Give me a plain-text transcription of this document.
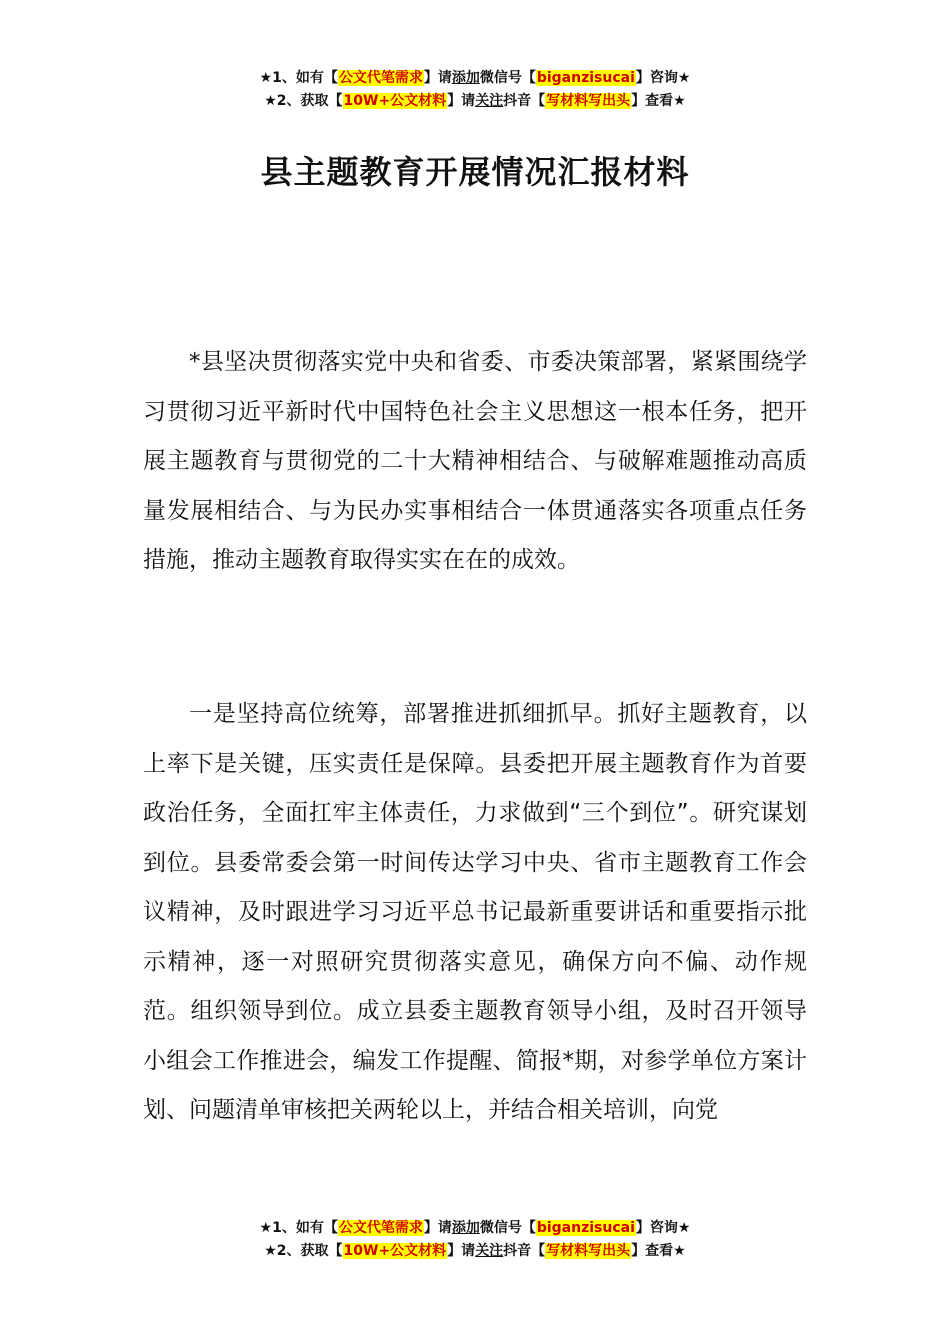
★1、如有【公文代笔需求】请添加微信号【biganzisucai】咨询★
★2、获取【10W+公文材料】请关注抖音【写材料写出头】查看★
县主题教育开展情况汇报材料

*县坚决贯彻落实党中央和省委、市委决策部署，紧紧围绕学习贯彻习近平新时代中国特色社会主义思想这一根本任务，把开展主题教育与贯彻党的二十大精神相结合、与破解难题推动高质量发展相结合、与为民办实事相结合一体贯通落实各项重点任务措施，推动主题教育取得实实在在的成效。

一是坚持高位统筹，部署推进抓细抓早。抓好主题教育，以上率下是关键，压实责任是保障。县委把开展主题教育作为首要政治任务，全面扛牢主体责任，力求做到“三个到位”。研究谋划到位。县委常委会第一时间传达学习中央、省市主题教育工作会议精神，及时跟进学习习近平总书记最新重要讲话和重要指示批示精神，逐一对照研究贯彻落实意见，确保方向不偏、动作规范。组织领导到位。成立县委主题教育领导小组，及时召开领导小组会工作推进会，编发工作提醒、简报*期，对参学单位方案计划、问题清单审核把关两轮以上，并结合相关培训，向党

★1、如有【公文代笔需求】请添加微信号【biganzisucai】咨询★
★2、获取【10W+公文材料】请关注抖音【写材料写出头】查看★
